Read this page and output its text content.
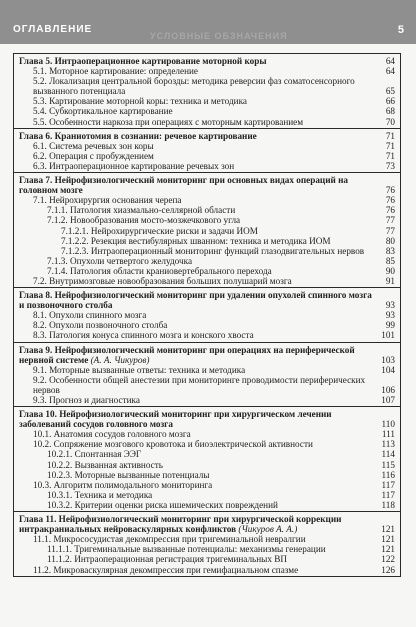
ОГЛАВЛЕНИЕ
УСЛОВНЫЕ ОБЗНАЧЕНИЯ	5
Глава 5. Интраоперационное картирование моторной коры	64
5.1. Моторное картирование: определение	64
5.2. Локализация центральной борозды: методика реверсии фаз соматосенсорного вызванного потенциала	65
5.3. Картирование моторной коры: техника и методика	66
5.4. Субкортикальное картирование	68
5.5. Особенности наркоза при операциях с моторным картированием	70
Глава 6. Краниотомия в сознании: речевое картирование	71
6.1. Система речевых зон коры	71
6.2. Операция с пробуждением	71
6.3. Интраоперационное картирование речевых зон	73
Глава 7. Нейрофизиологический мониторинг при основных видах операций на головном мозге	76
7.1. Нейрохирургия основания черепа	76
7.1.1. Патология хиазмально-селлярной области	76
7.1.2. Новообразования мосто-мозжечкового угла	77
7.1.2.1. Нейрохирургические риски и задачи ИОМ	77
7.1.2.2. Резекция вестибулярных шванном: техника и методика ИОМ	80
7.1.2.3. Интраоперационный мониторинг функций глазодвигательных нервов	83
7.1.3. Опухоли четвертого желудочка	85
7.1.4. Патология области краниовертебрального перехода	90
7.2. Внутримозговые новообразования больших полушарий мозга	91
Глава 8. Нейрофизиологический мониторинг при удалении опухолей спинного мозга и позвоночного столба	93
8.1. Опухоли спинного мозга	93
8.2. Опухоли позвоночного столба	99
8.3. Патология конуса спинного мозга и конского хвоста	101
Глава 9. Нейрофизиологический мониторинг при операциях на периферической нервной системе (А. А. Чикуров)	103
9.1. Моторные вызванные ответы: техника и методика	104
9.2. Особенности общей анестезии при мониторинге проводимости периферических нервов	106
9.3. Прогноз и диагностика	107
Глава 10. Нейрофизиологический мониторинг при хирургическом лечении заболеваний сосудов головного мозга	110
10.1. Анатомия сосудов головного мозга	111
10.2. Сопряжение мозгового кровотока и биоэлектрической активности	113
10.2.1. Спонтанная ЭЭГ	114
10.2.2. Вызванная активность	115
10.2.3. Моторные вызванные потенциалы	116
10.3. Алгоритм полимодального мониторинга	117
10.3.1. Техника и методика	117
10.3.2. Критерии оценки риска ишемических повреждений	118
Глава 11. Нейрофизиологический мониторинг при хирургической коррекции интракраниальных нейроваскулярных конфликтов (Чикуров А. А.)	121
11.1. Микрососудистая декомпрессия при тригеминальной невралгии	121
11.1.1. Тригеминальные вызванные потенциалы: механизмы генерации	121
11.1.2. Интраоперационная регистрация тригеминальных ВП	122
11.2. Микроваскулярная декомпрессия при гемифациальном спазме	126
